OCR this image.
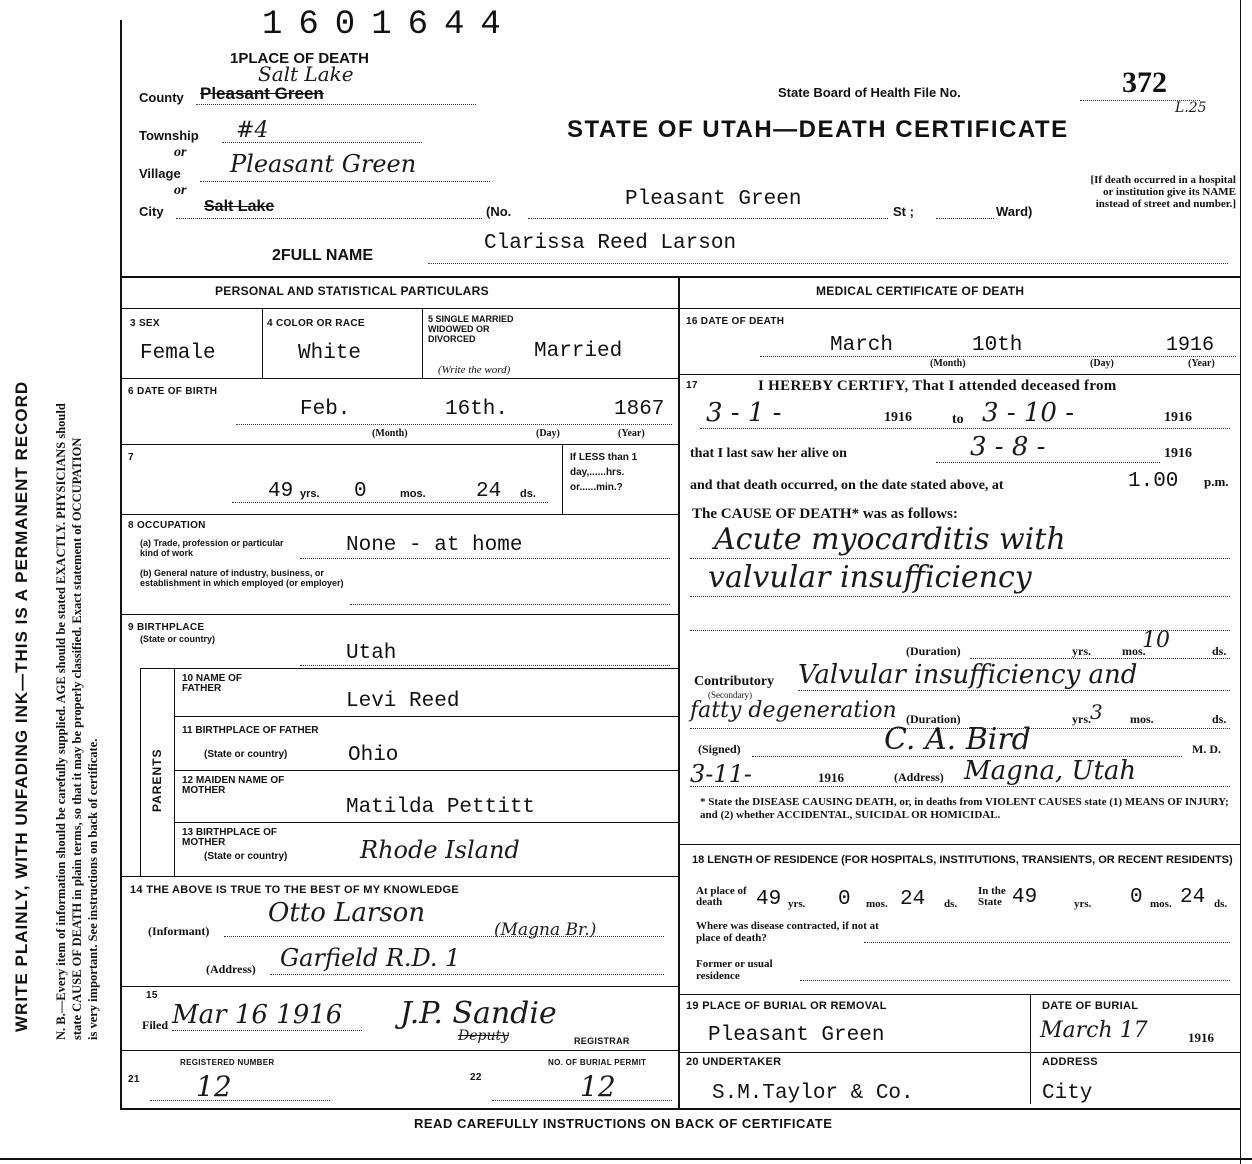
WRITE PLAINLY, WITH UNFADING INK—THIS IS A PERMANENT RECORD N. B.—Every item of information should be carefully supplied. AGE should be stated EXACTLY. PHYSICIANS should state CAUSE OF DEATH in plain terms, so that it may be properly classified. Exact statement of OCCUPATION is very important. See instructions on back of certificate.
1601644
State Board of Health File No.	372
L.25
STATE OF UTAH—DEATH CERTIFICATE
1PLACE OF DEATH
County Pleasant Green
Salt Lake
Township #4
or
Village Pleasant Green
or
City	Salt Lake	(No.
Pleasant Green
St ;	Ward)
[If death occurred in a hospital or institution give its NAME instead of street and number.]
2FULL NAME
Clarissa Reed Larson
PERSONAL AND STATISTICAL PARTICULARS
3 SEX
Female
4 COLOR OR RACE
White
5 SINGLE MARRIED WIDOWED OR DIVORCED
(Write the word)
Married
6 DATE OF BIRTH
Feb.	16th.	1867
(Month)	(Day)	(Year)
7
49 yrs. 0	mos. 24 ds.
If LESS than 1 day,......hrs. or......min.?
8 OCCUPATION
(a) Trade, profession or particular kind of work	None - at home
(b) General nature of industry, business, or establishment in which employed (or employer)
9 BIRTHPLACE
(State or country)
Utah
PARENTS
10 NAME OF FATHER
Levi Reed
11 BIRTHPLACE OF FATHER
(State or country)	Ohio
12 MAIDEN NAME OF MOTHER
Matilda Pettitt
13 BIRTHPLACE OF MOTHER
(State or country)	Rhode Island
14 THE ABOVE IS TRUE TO THE BEST OF MY KNOWLEDGE
Otto Larson
(Informant)
Garfield R.D. 1
(Magna Br.)
(Address)
15
Filed Mar 16 1916 J.P. Sandie
Deputy	REGISTRAR
REGISTERED NUMBER
21 12
NO. OF BURIAL PERMIT
22	12
MEDICAL CERTIFICATE OF DEATH
16 DATE OF DEATH
March	10th	1916
(Month)	(Day)	(Year)
17	I HEREBY CERTIFY, That I attended deceased from
3 - 1 -	1916	to 3 - 10 -	1916
that I last saw her alive on	3 - 8 -	1916
and that death occurred, on the date stated above, at	1.00 p.m.
The CAUSE OF DEATH* was as follows:
Acute myocarditis with
valvular insufficiency
(Duration)	yrs. 10
mos.	ds.
Contributory
(Secondary)
Valvular insufficiency and
fatty degeneration (Duration)	yrs. 3 mos.	ds.
(Signed)	C. A. Bird	M. D.
3-11-	1916	(Address) Magna, Utah
* State the DISEASE CAUSING DEATH, or, in deaths from VIOLENT CAUSES state (1) MEANS OF INJURY; and (2) whether ACCIDENTAL, SUICIDAL OR HOMICIDAL.
18 LENGTH OF RESIDENCE (FOR HOSPITALS, INSTITUTIONS, TRANSIENTS, OR RECENT RESIDENTS)
At place of death	49 yrs. 0 mos. 24 ds.
In the State 49	yrs. 0 mos. 24 ds.
Where was disease contracted, if not at place of death?
Former or usual residence
19 PLACE OF BURIAL OR REMOVAL
Pleasant Green
DATE OF BURIAL
March 17	1916
20 UNDERTAKER
S.M.Taylor & Co.
ADDRESS
City
READ CAREFULLY INSTRUCTIONS ON BACK OF CERTIFICATE
